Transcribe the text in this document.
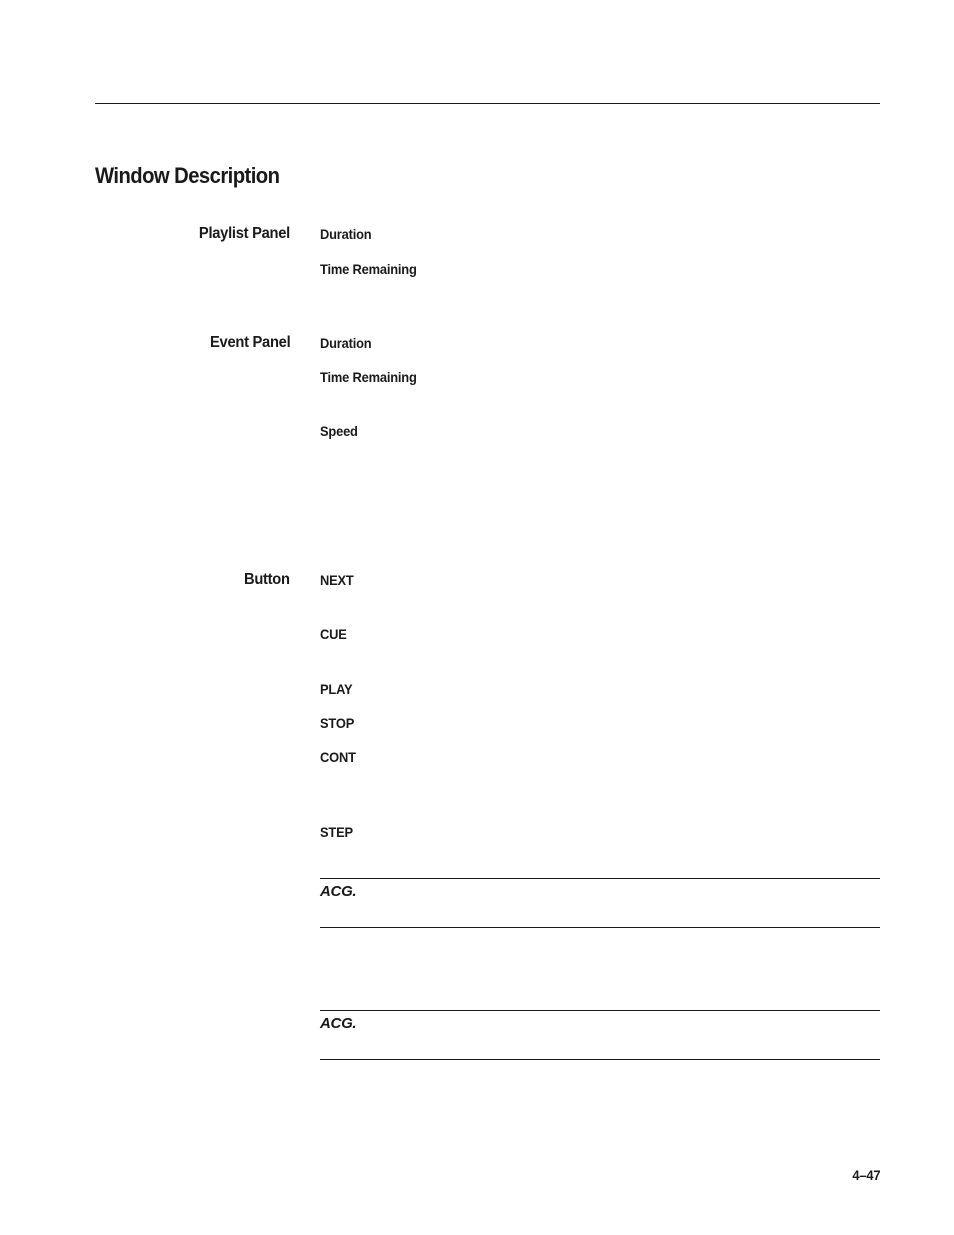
Window Description
Playlist Panel Duration
Time Remaining
Event Panel Duration
Time Remaining
Speed
Button NEXT
CUE
PLAY
STOP
CONT
STEP
ACG.
ACG.
4–47
